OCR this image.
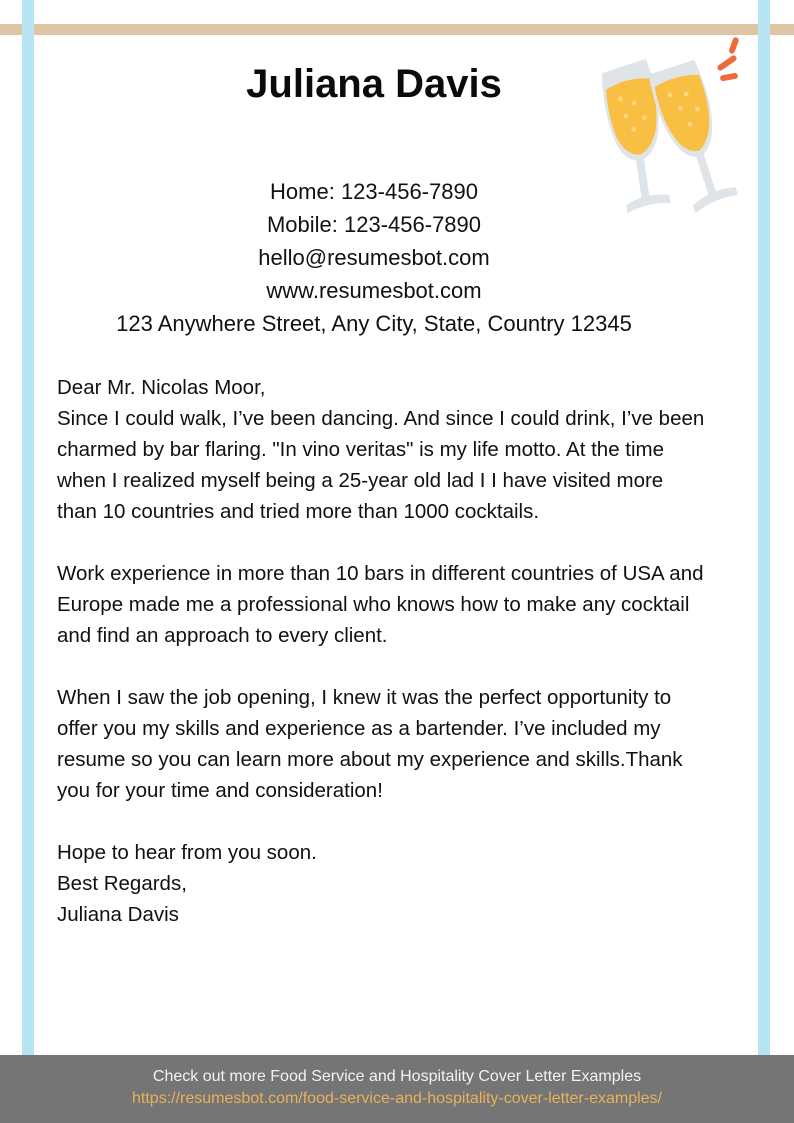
Juliana Davis
Home: 123-456-7890
Mobile: 123-456-7890
hello@resumesbot.com
www.resumesbot.com
123 Anywhere Street, Any City, State, Country 12345

Dear Mr. Nicolas Moor,

Since I could walk, I’ve been dancing. And since I could drink, I’ve been charmed by bar flaring. "In vino veritas" is my life motto. At the time when I realized myself being a 25-year old lad I I have visited more than 10 countries and tried more than 1000 cocktails.

Work experience in more than 10 bars in different countries of USA and Europe made me a professional who knows how to make any cocktail and find an approach to every client.

When I saw the job opening, I knew it was the perfect opportunity to offer you my skills and experience as a bartender. I’ve included my resume so you can learn more about my experience and skills.Thank you for your time and consideration!

Hope to hear from you soon.

Best Regards,

Juliana Davis

Check out more Food Service and Hospitality Cover Letter Examples
https://resumesbot.com/food-service-and-hospitality-cover-letter-examples/
